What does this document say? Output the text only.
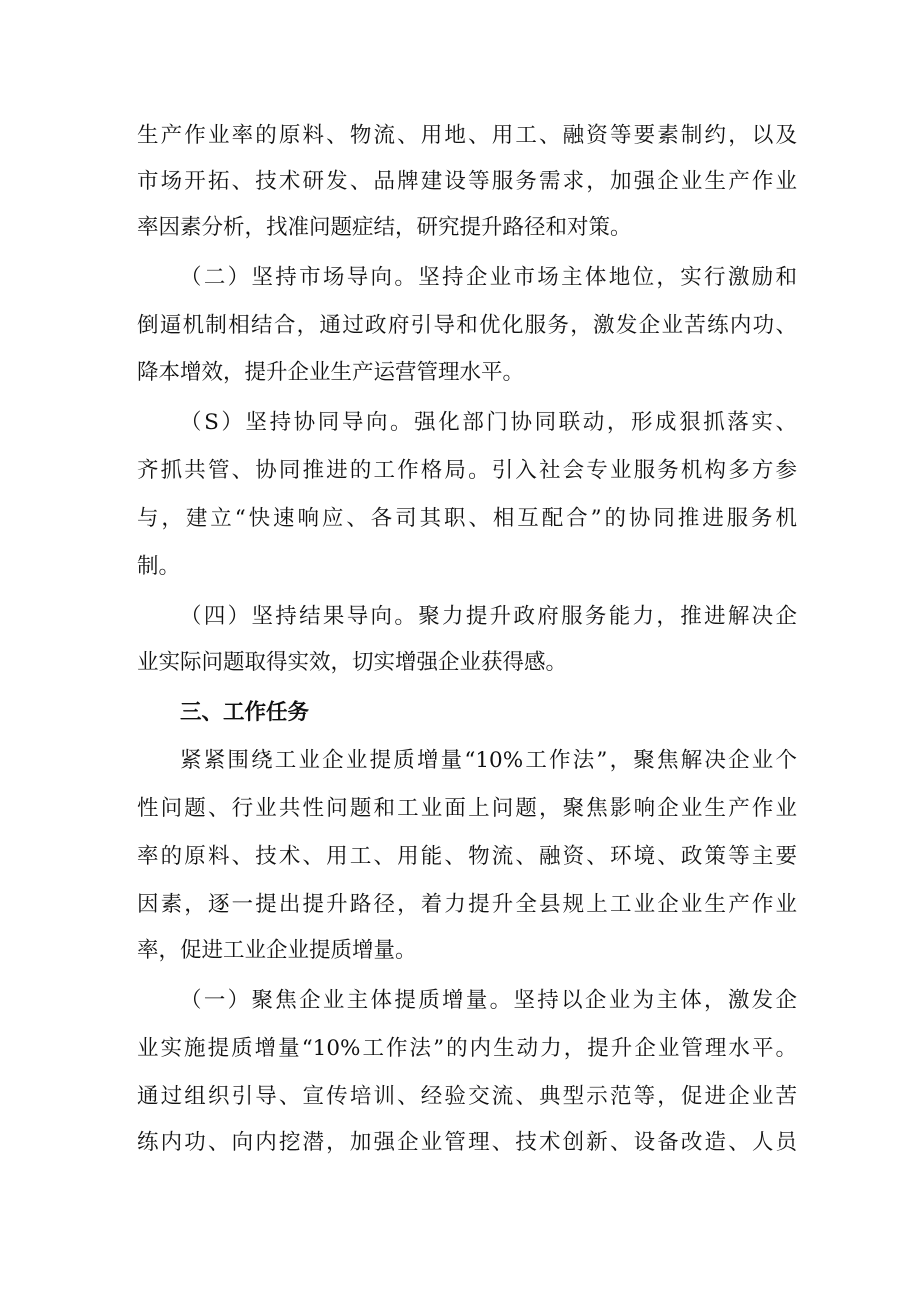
生产作业率的原料、物流、用地、用工、融资等要素制约，以及
市场开拓、技术研发、品牌建设等服务需求，加强企业生产作业
率因素分析，找准问题症结，研究提升路径和对策。
（二）坚持市场导向。坚持企业市场主体地位，实行激励和
倒逼机制相结合，通过政府引导和优化服务，激发企业苦练内功、
降本增效，提升企业生产运营管理水平。
（S）坚持协同导向。强化部门协同联动，形成狠抓落实、
齐抓共管、协同推进的工作格局。引入社会专业服务机构多方参
与，建立“快速响应、各司其职、相互配合”的协同推进服务机
制。
（四）坚持结果导向。聚力提升政府服务能力，推进解决企
业实际问题取得实效，切实增强企业获得感。
三、工作任务
紧紧围绕工业企业提质增量“10%工作法”，聚焦解决企业个
性问题、行业共性问题和工业面上问题，聚焦影响企业生产作业
率的原料、技术、用工、用能、物流、融资、环境、政策等主要
因素，逐一提出提升路径，着力提升全县规上工业企业生产作业
率，促进工业企业提质增量。
（一）聚焦企业主体提质增量。坚持以企业为主体，激发企
业实施提质增量“10%工作法”的内生动力，提升企业管理水平。
通过组织引导、宣传培训、经验交流、典型示范等，促进企业苦
练内功、向内挖潜，加强企业管理、技术创新、设备改造、人员
